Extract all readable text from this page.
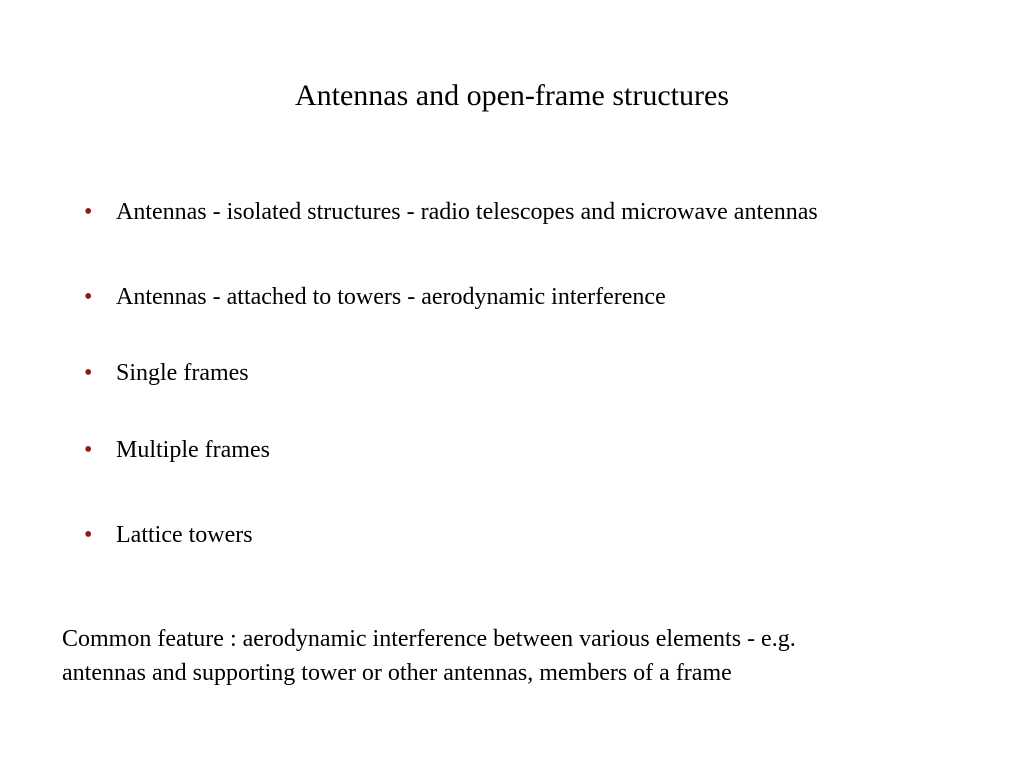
Antennas and open-frame structures
• Antennas - isolated structures - radio telescopes and microwave antennas
• Antennas - attached to towers - aerodynamic interference
• Single frames
• Multiple frames
• Lattice towers
Common feature : aerodynamic interference between various elements - e.g.
antennas and supporting tower or other antennas, members of a frame
